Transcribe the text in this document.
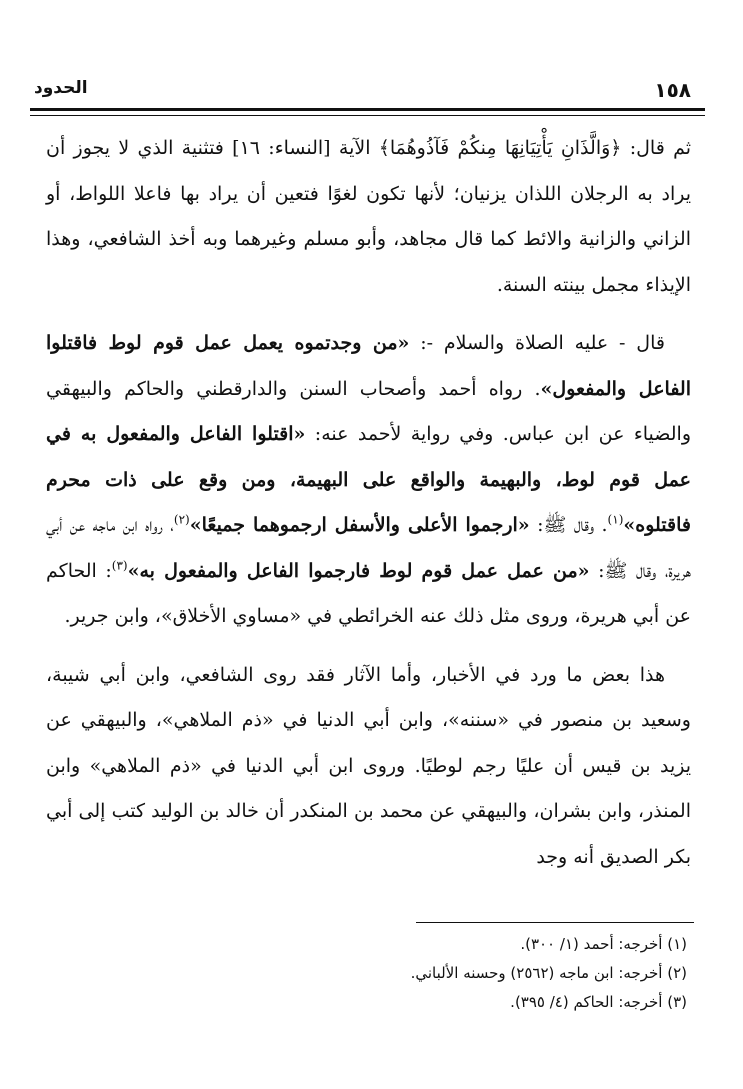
١٥٨
الحدود

ثم قال: ﴿وَالَّذَانِ يَأْتِيَانِهَا مِنكُمْ فَآذُوهُمَا﴾ الآية [النساء: ١٦] فتثنية الذي لا يجوز أن يراد به الرجلان اللذان يزنيان؛ لأنها تكون لغوًا فتعين أن يراد بها فاعلا اللواط، أو الزاني والزانية والائط كما قال مجاهد، وأبو مسلم وغيرهما وبه أخذ الشافعي، وهذا الإيذاء مجمل بينته السنة.

قال - عليه الصلاة والسلام -: «من وجدتموه يعمل عمل قوم لوط فاقتلوا الفاعل والمفعول». رواه أحمد وأصحاب السنن والدارقطني والحاكم والبيهقي والضياء عن ابن عباس. وفي رواية لأحمد عنه: «اقتلوا الفاعل والمفعول به في عمل قوم لوط، والبهيمة والواقع على البهيمة، ومن وقع على ذات محرم فاقتلوه»$^{(١)}$. وقال ﷺ: «ارجموا الأعلى والأسفل ارجموهما جميعًا»$^{(٢)}$، رواه ابن ماجه عن أبي هريرة، وقال ﷺ: «من عمل عمل قوم لوط فارجموا الفاعل والمفعول به»$^{(٣)}$: الحاكم عن أبي هريرة، وروى مثل ذلك عنه الخرائطي في «مساوي الأخلاق»، وابن جرير.

هذا بعض ما ورد في الأخبار، وأما الآثار فقد روى الشافعي، وابن أبي شيبة، وسعيد بن منصور في «سننه»، وابن أبي الدنيا في «ذم الملاهي»، والبيهقي عن يزيد بن قيس أن عليًا رجم لوطيًا. وروى ابن أبي الدنيا في «ذم الملاهي» وابن المنذر، وابن بشران، والبيهقي عن محمد بن المنكدر أن خالد بن الوليد كتب إلى أبي بكر الصديق أنه وجد

(١) أخرجه: أحمد (١/ ٣٠٠).
(٢) أخرجه: ابن ماجه (٢٥٦٢) وحسنه الألباني.
(٣) أخرجه: الحاكم (٤/ ٣٩٥).
